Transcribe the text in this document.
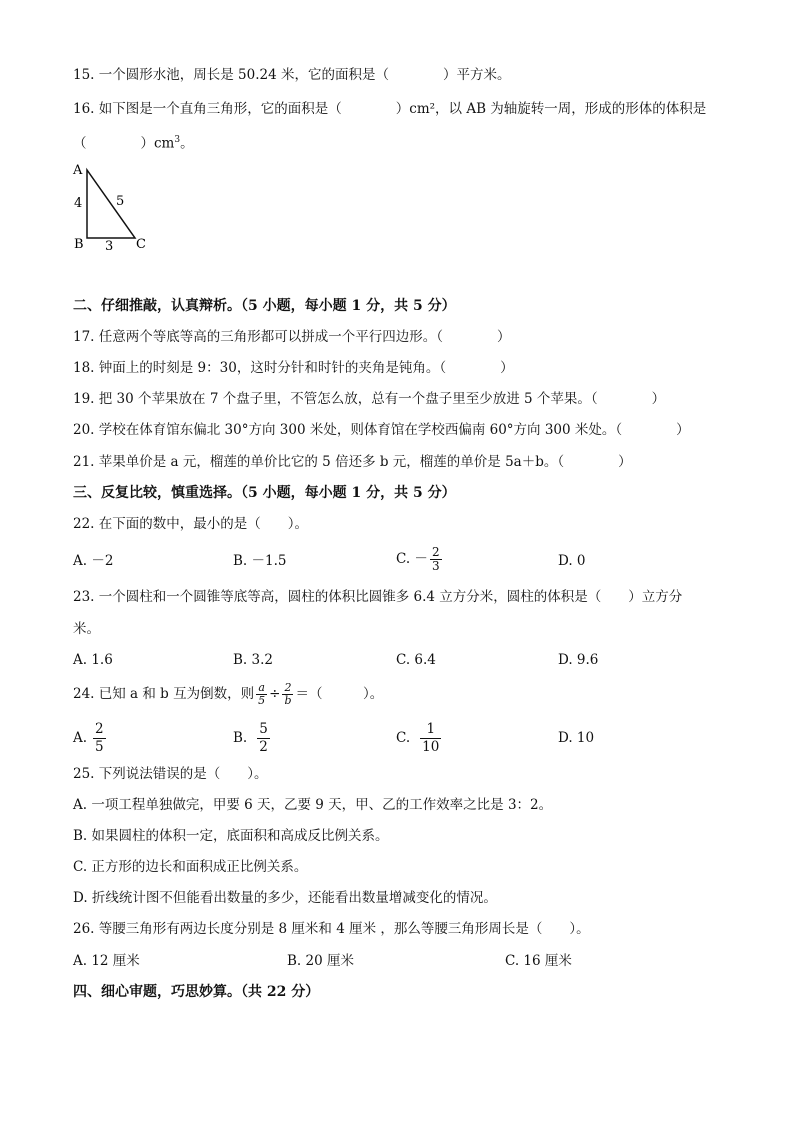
15. 一个圆形水池，周长是 50.24 米，它的面积是（　　　　）平方米。
16. 如下图是一个直角三角形，它的面积是（　　　　）cm²，以 AB 为轴旋转一周，形成的形体的体积是
（　　　　）$cm^3$。
A
B	C
4	5
3
二、仔细推敲，认真辩析。（5 小题，每小题 1 分，共 5 分）
17. 任意两个等底等高的三角形都可以拼成一个平行四边形。（　　　　）
18. 钟面上的时刻是 9：30，这时分针和时针的夹角是钝角。（　　　　）
19. 把 30 个苹果放在 7 个盘子里，不管怎么放，总有一个盘子里至少放进 5 个苹果。（　　　　）
20. 学校在体育馆东偏北 30°方向 300 米处，则体育馆在学校西偏南 60°方向 300 米处。（　　　　）
21. 苹果单价是 a 元，榴莲的单价比它的 5 倍还多 b 元，榴莲的单价是 5a＋b。（　　　　）
三、反复比较，慎重选择。（5 小题，每小题 1 分，共 5 分）
22. 在下面的数中，最小的是（　　）。
A. －2	B. －1.5	C. － $\frac{2}{3}$	D. 0
23. 一个圆柱和一个圆锥等底等高，圆柱的体积比圆锥多 6.4 立方分米，圆柱的体积是（　　）立方分
米。
A. 1.6	B. 3.2	C. 6.4	D. 9.6
24. 已知 a 和 b 互为倒数，则 $\frac{a}{5} \div \frac{2}{b}$ ＝（　　　）。
A. $\frac{2}{5}$	B. $\frac{5}{2}$	C. $\frac{1}{10}$	D. 10
25. 下列说法错误的是（　　）。
A. 一项工程单独做完，甲要 6 天，乙要 9 天，甲、乙的工作效率之比是 3：2。
B. 如果圆柱的体积一定，底面积和高成反比例关系。
C. 正方形的边长和面积成正比例关系。
D. 折线统计图不但能看出数量的多少，还能看出数量增减变化的情况。
26. 等腰三角形有两边长度分别是 8 厘米和 4 厘米 ，那么等腰三角形周长是（　　）。
A. 12 厘米	B. 20 厘米	C. 16 厘米
四、细心审题，巧思妙算。（共 22 分）
